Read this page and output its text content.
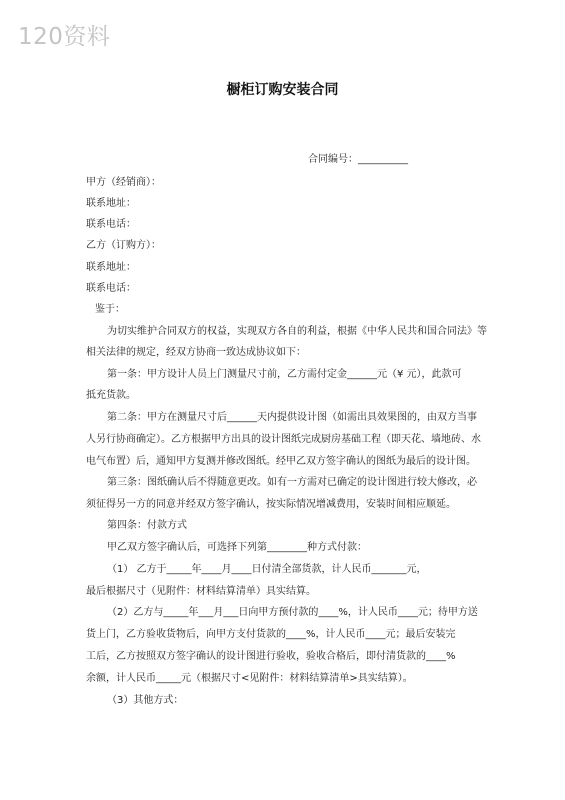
120资料
橱柜订购安装合同
合同编号：__________
甲方（经销商）：
联系地址：
联系电话：
乙方（订购方）：
联系地址：
联系电话：
鉴于：
为切实维护合同双方的权益，实现双方各自的利益，根据《中华人民共和国合同法》等
相关法律的规定，经双方协商一致达成协议如下：
第一条：甲方设计人员上门测量尺寸前，乙方需付定金______元（¥ 元），此款可
抵充货款。
第二条：甲方在测量尺寸后______天内提供设计图（如需出具效果图的，由双方当事
人另行协商确定）。乙方根据甲方出具的设计图纸完成厨房基础工程（即天花、墙地砖、水
电气布置）后，通知甲方复测并修改图纸。经甲乙双方签字确认的图纸为最后的设计图。
第三条：图纸确认后不得随意更改。如有一方需对已确定的设计图进行较大修改，必
须征得另一方的同意并经双方签字确认，按实际情况增减费用，安装时间相应顺延。
第四条：付款方式
甲乙双方签字确认后，可选择下列第________种方式付款：
（1） 乙方于_____年____月____日付清全部货款，计人民币_______元，
最后根据尺寸（见附件：材料结算清单）具实结算。
（2）乙方与_____年___月___日向甲方预付款的____%，计人民币____元；待甲方送
货上门，乙方验收货物后，向甲方支付货款的____%，计人民币____元；最后安装完
工后，乙方按照双方签字确认的设计图进行验收，验收合格后，即付清货款的____%
余额，计人民币_____元（根据尺寸<见附件：材料结算清单>具实结算）。
（3）其他方式：
